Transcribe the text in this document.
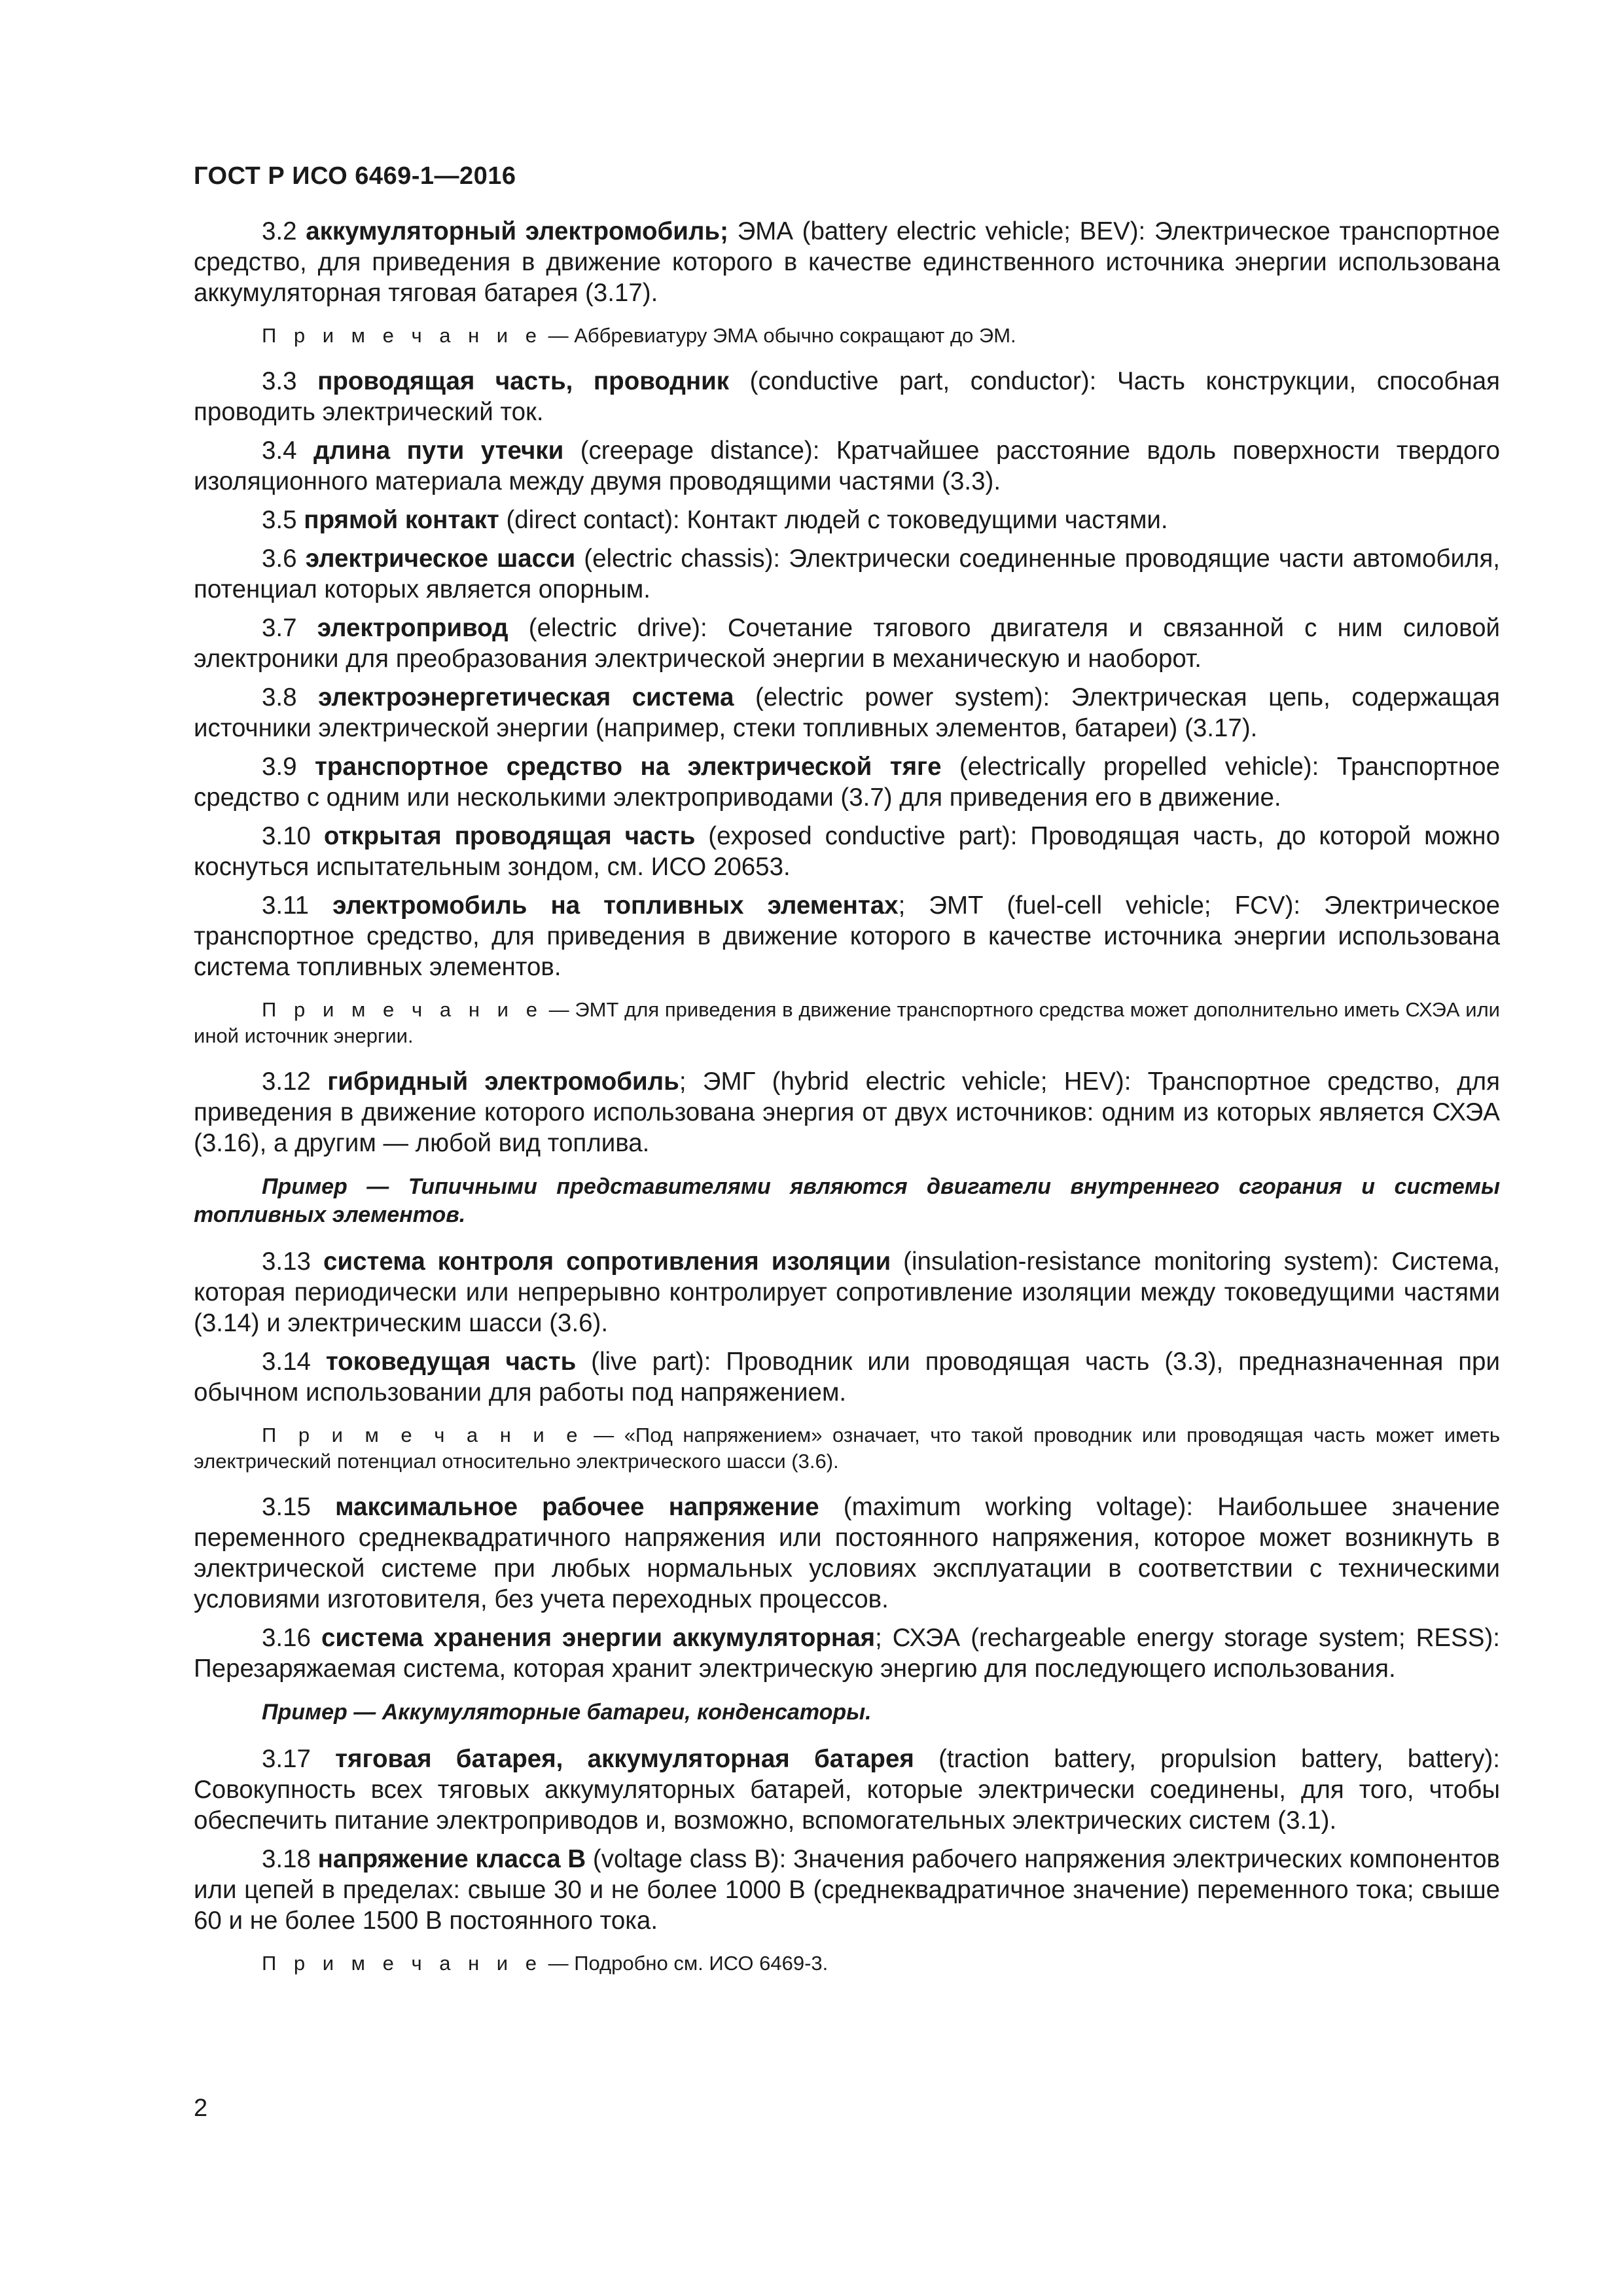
ГОСТ Р ИСО 6469-1—2016

3.2 аккумуляторный электромобиль; ЭМА (battery electric vehicle; BEV): Электрическое транспортное средство, для приведения в движение которого в качестве единственного источника энергии использована аккумуляторная тяговая батарея (3.17).

П р и м е ч а н и е — Аббревиатуру ЭМА обычно сокращают до ЭМ.

3.3 проводящая часть, проводник (conductive part, conductor): Часть конструкции, способная проводить электрический ток.

3.4 длина пути утечки (creepage distance): Кратчайшее расстояние вдоль поверхности твердого изоляционного материала между двумя проводящими частями (3.3).

3.5 прямой контакт (direct contact): Контакт людей с токоведущими частями.

3.6 электрическое шасси (electric chassis): Электрически соединенные проводящие части автомобиля, потенциал которых является опорным.

3.7 электропривод (electric drive): Сочетание тягового двигателя и связанной с ним силовой электроники для преобразования электрической энергии в механическую и наоборот.

3.8 электроэнергетическая система (electric power system): Электрическая цепь, содержащая источники электрической энергии (например, стеки топливных элементов, батареи) (3.17).

3.9 транспортное средство на электрической тяге (electrically propelled vehicle): Транспортное средство с одним или несколькими электроприводами (3.7) для приведения его в движение.

3.10 открытая проводящая часть (exposed conductive part): Проводящая часть, до которой можно коснуться испытательным зондом, см. ИСО 20653.

3.11 электромобиль на топливных элементах; ЭМТ (fuel-cell vehicle; FCV): Электрическое транспортное средство, для приведения в движение которого в качестве источника энергии использована система топливных элементов.

П р и м е ч а н и е — ЭМТ для приведения в движение транспортного средства может дополнительно иметь СХЭА или иной источник энергии.

3.12 гибридный электромобиль; ЭМГ (hybrid electric vehicle; HEV): Транспортное средство, для приведения в движение которого использована энергия от двух источников: одним из которых является СХЭА (3.16), а другим — любой вид топлива.

Пример — Типичными представителями являются двигатели внутреннего сгорания и системы топливных элементов.

3.13 система контроля сопротивления изоляции (insulation-resistance monitoring system): Система, которая периодически или непрерывно контролирует сопротивление изоляции между токоведущими частями (3.14) и электрическим шасси (3.6).

3.14 токоведущая часть (live part): Проводник или проводящая часть (3.3), предназначенная при обычном использовании для работы под напряжением.

П р и м е ч а н и е — «Под напряжением» означает, что такой проводник или проводящая часть может иметь электрический потенциал относительно электрического шасси (3.6).

3.15 максимальное рабочее напряжение (maximum working voltage): Наибольшее значение переменного среднеквадратичного напряжения или постоянного напряжения, которое может возникнуть в электрической системе при любых нормальных условиях эксплуатации в соответствии с техническими условиями изготовителя, без учета переходных процессов.

3.16 система хранения энергии аккумуляторная; СХЭА (rechargeable energy storage system; RESS): Перезаряжаемая система, которая хранит электрическую энергию для последующего использования.

Пример — Аккумуляторные батареи, конденсаторы.

3.17 тяговая батарея, аккумуляторная батарея (traction battery, propulsion battery, battery): Совокупность всех тяговых аккумуляторных батарей, которые электрически соединены, для того, чтобы обеспечить питание электроприводов и, возможно, вспомогательных электрических систем (3.1).

3.18 напряжение класса В (voltage class B): Значения рабочего напряжения электрических компонентов или цепей в пределах: свыше 30 и не более 1000 В (среднеквадратичное значение) переменного тока; свыше 60 и не более 1500 В постоянного тока.

П р и м е ч а н и е — Подробно см. ИСО 6469-3.

2
